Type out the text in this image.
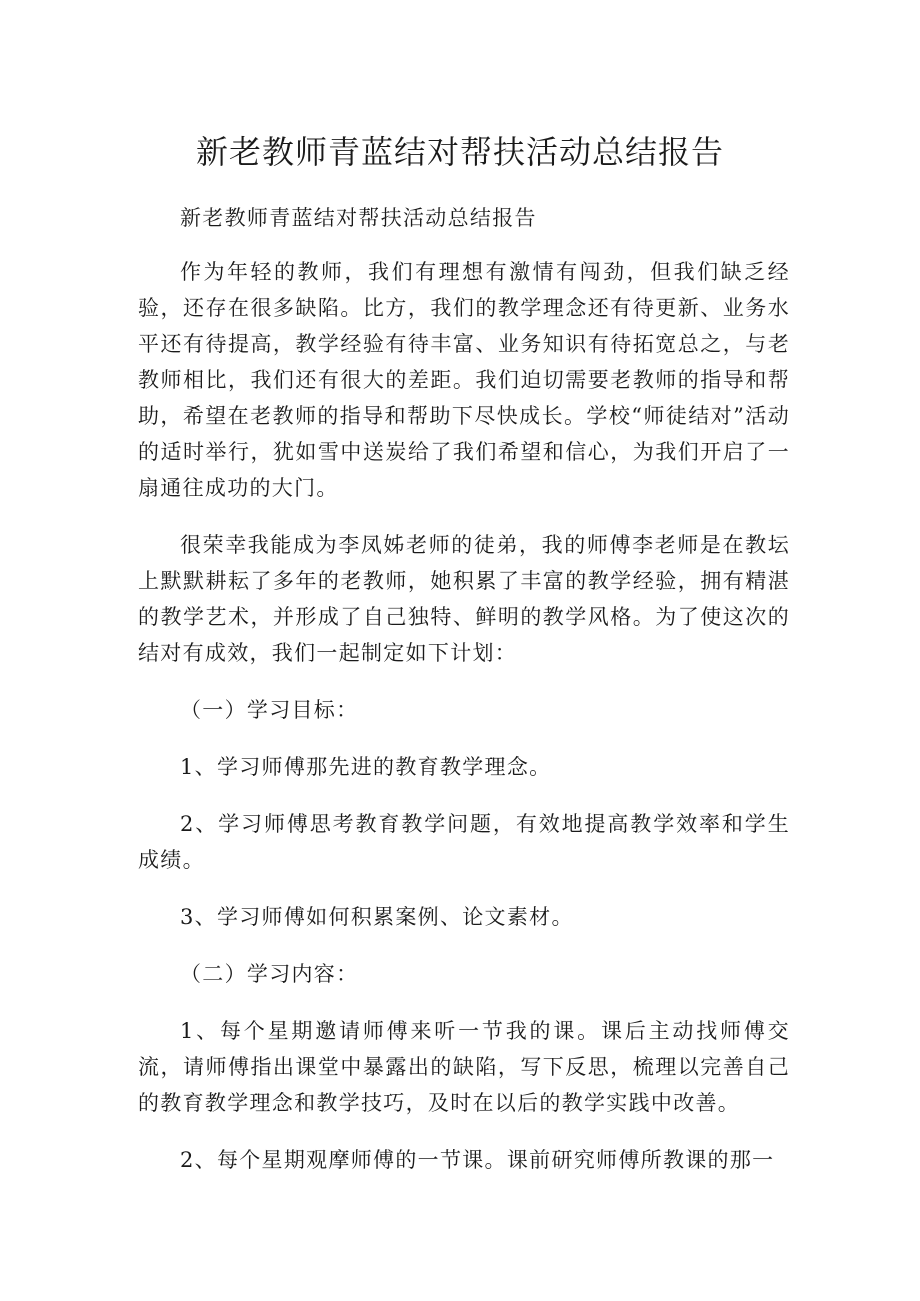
新老教师青蓝结对帮扶活动总结报告

新老教师青蓝结对帮扶活动总结报告

作为年轻的教师，我们有理想有激情有闯劲，但我们缺乏经验，还存在很多缺陷。比方，我们的教学理念还有待更新、业务水平还有待提高，教学经验有待丰富、业务知识有待拓宽总之，与老教师相比，我们还有很大的差距。我们迫切需要老教师的指导和帮助，希望在老教师的指导和帮助下尽快成长。学校“师徒结对”活动的适时举行，犹如雪中送炭给了我们希望和信心，为我们开启了一扇通往成功的大门。

很荣幸我能成为李凤姊老师的徒弟，我的师傅李老师是在教坛上默默耕耘了多年的老教师，她积累了丰富的教学经验，拥有精湛的教学艺术，并形成了自己独特、鲜明的教学风格。为了使这次的结对有成效，我们一起制定如下计划：

（一）学习目标：

1、学习师傅那先进的教育教学理念。

2、学习师傅思考教育教学问题，有效地提高教学效率和学生成绩。

3、学习师傅如何积累案例、论文素材。

（二）学习内容：

1、每个星期邀请师傅来听一节我的课。课后主动找师傅交流，请师傅指出课堂中暴露出的缺陷，写下反思，梳理以完善自己的教育教学理念和教学技巧，及时在以后的教学实践中改善。

2、每个星期观摩师傅的一节课。课前研究师傅所教课的那一
